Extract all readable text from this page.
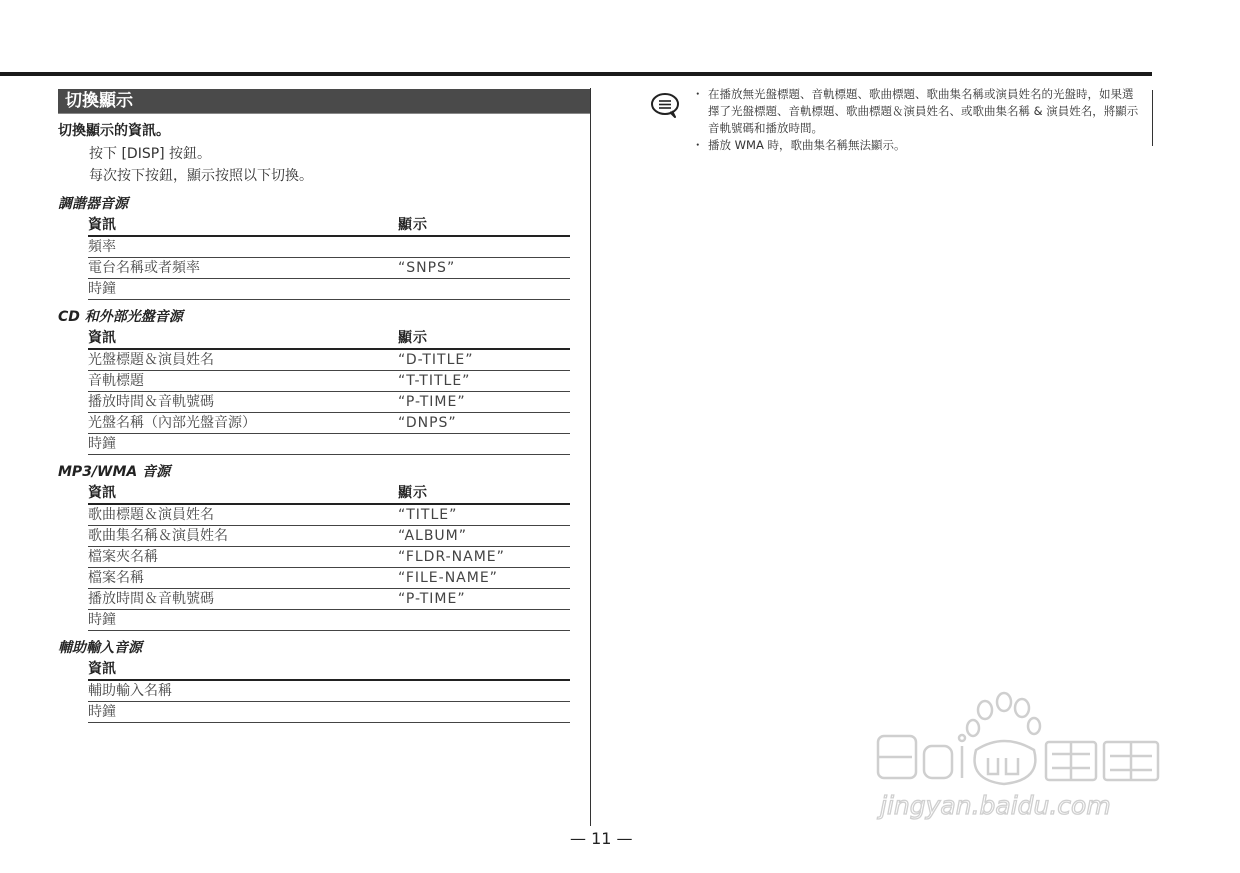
切換顯示
切換顯示的資訊。
按下 [DISP] 按鈕。
每次按下按鈕，顯示按照以下切換。
調諧器音源
資訊	顯示
頻率
電台名稱或者頻率	“SNPS”
時鐘
CD 和外部光盤音源
資訊	顯示
光盤標題＆演員姓名	“D-TITLE”
音軌標題	“T-TITLE”
播放時間＆音軌號碼	“P-TIME”
光盤名稱（內部光盤音源）	“DNPS”
時鐘
MP3/WMA 音源
資訊	顯示
歌曲標題＆演員姓名	“TITLE”
歌曲集名稱＆演員姓名	“ALBUM”
檔案夾名稱	“FLDR-NAME”
檔案名稱	“FILE-NAME”
播放時間＆音軌號碼	“P-TIME”
時鐘
輔助輸入音源
資訊
輔助輸入名稱
時鐘
— 11 —
・ 在播放無光盤標題、音軌標題、歌曲標題、歌曲集名稱或演員姓名的光盤時，如果選擇了光盤標題、音軌標題、歌曲標題＆演員姓名、或歌曲集名稱 & 演員姓名，將顯示音軌號碼和播放時間。
・ 播放 WMA 時，歌曲集名稱無法顯示。
jingyan.baidu.com
